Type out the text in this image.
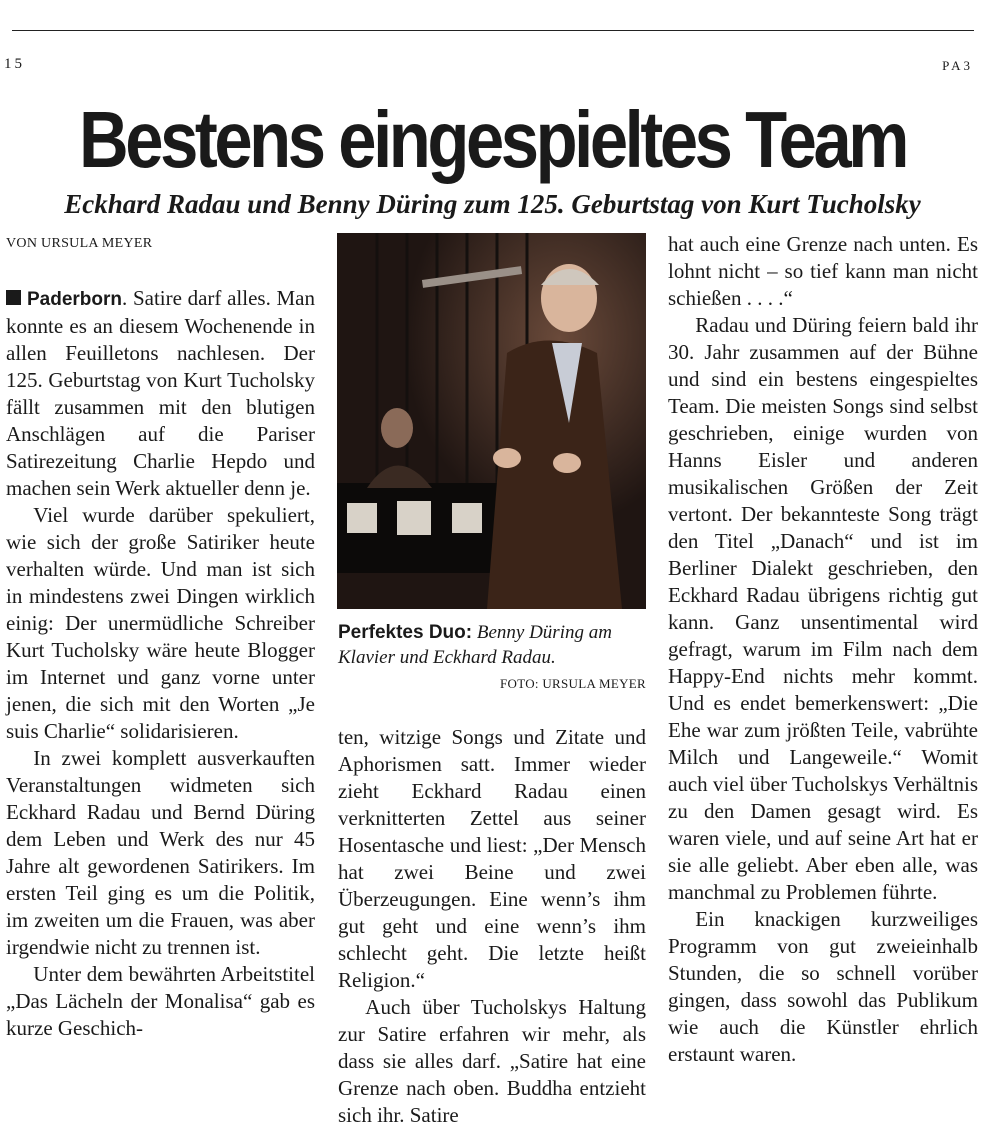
15	PA3
Bestens eingespieltes Team
Eckhard Radau und Benny Düring zum 125. Geburtstag von Kurt Tucholsky
VON URSULA MEYER

Paderborn. Satire darf alles. Man konnte es an diesem Wochenende in allen Feuilletons nachlesen. Der 125. Geburtstag von Kurt Tucholsky fällt zusammen mit den blutigen Anschlägen auf die Pariser Satirezeitung Charlie Hepdo und machen sein Werk aktueller denn je.

Viel wurde darüber spekuliert, wie sich der große Satiriker heute verhalten würde. Und man ist sich in mindestens zwei Dingen wirklich einig: Der unermüdliche Schreiber Kurt Tucholsky wäre heute Blogger im Internet und ganz vorne unter jenen, die sich mit den Worten „Je suis Charlie“ solidarisieren.

In zwei komplett ausverkauften Veranstaltungen widmeten sich Eckhard Radau und Bernd Düring dem Leben und Werk des nur 45 Jahre alt gewordenen Satirikers. Im ersten Teil ging es um die Politik, im zweiten um die Frauen, was aber irgendwie nicht zu trennen ist.

Unter dem bewährten Arbeitstitel „Das Lächeln der Monalisa“ gab es kurze Geschich-

Perfektes Duo: Benny Düring am Klavier und Eckhard Radau.
FOTO: URSULA MEYER

ten, witzige Songs und Zitate und Aphorismen satt. Immer wieder zieht Eckhard Radau einen verknitterten Zettel aus seiner Hosentasche und liest: „Der Mensch hat zwei Beine und zwei Überzeugungen. Eine wenn’s ihm gut geht und eine wenn’s ihm schlecht geht. Die letzte heißt Religion.“

Auch über Tucholskys Haltung zur Satire erfahren wir mehr, als dass sie alles darf. „Satire hat eine Grenze nach oben. Buddha entzieht sich ihr. Satire

hat auch eine Grenze nach unten. Es lohnt nicht – so tief kann man nicht schießen . . . .“

Radau und Düring feiern bald ihr 30. Jahr zusammen auf der Bühne und sind ein bestens eingespieltes Team. Die meisten Songs sind selbst geschrieben, einige wurden von Hanns Eisler und anderen musikalischen Größen der Zeit vertont. Der bekannteste Song trägt den Titel „Danach“ und ist im Berliner Dialekt geschrieben, den Eckhard Radau übrigens richtig gut kann. Ganz unsentimental wird gefragt, warum im Film nach dem Happy-End nichts mehr kommt. Und es endet bemerkenswert: „Die Ehe war zum jrößten Teile, vabrühte Milch und Langeweile.“ Womit auch viel über Tucholskys Verhältnis zu den Damen gesagt wird. Es waren viele, und auf seine Art hat er sie alle geliebt. Aber eben alle, was manchmal zu Problemen führte.

Ein knackigen kurzweiliges Programm von gut zweieinhalb Stunden, die so schnell vorüber gingen, dass sowohl das Publikum wie auch die Künstler ehrlich erstaunt waren.
